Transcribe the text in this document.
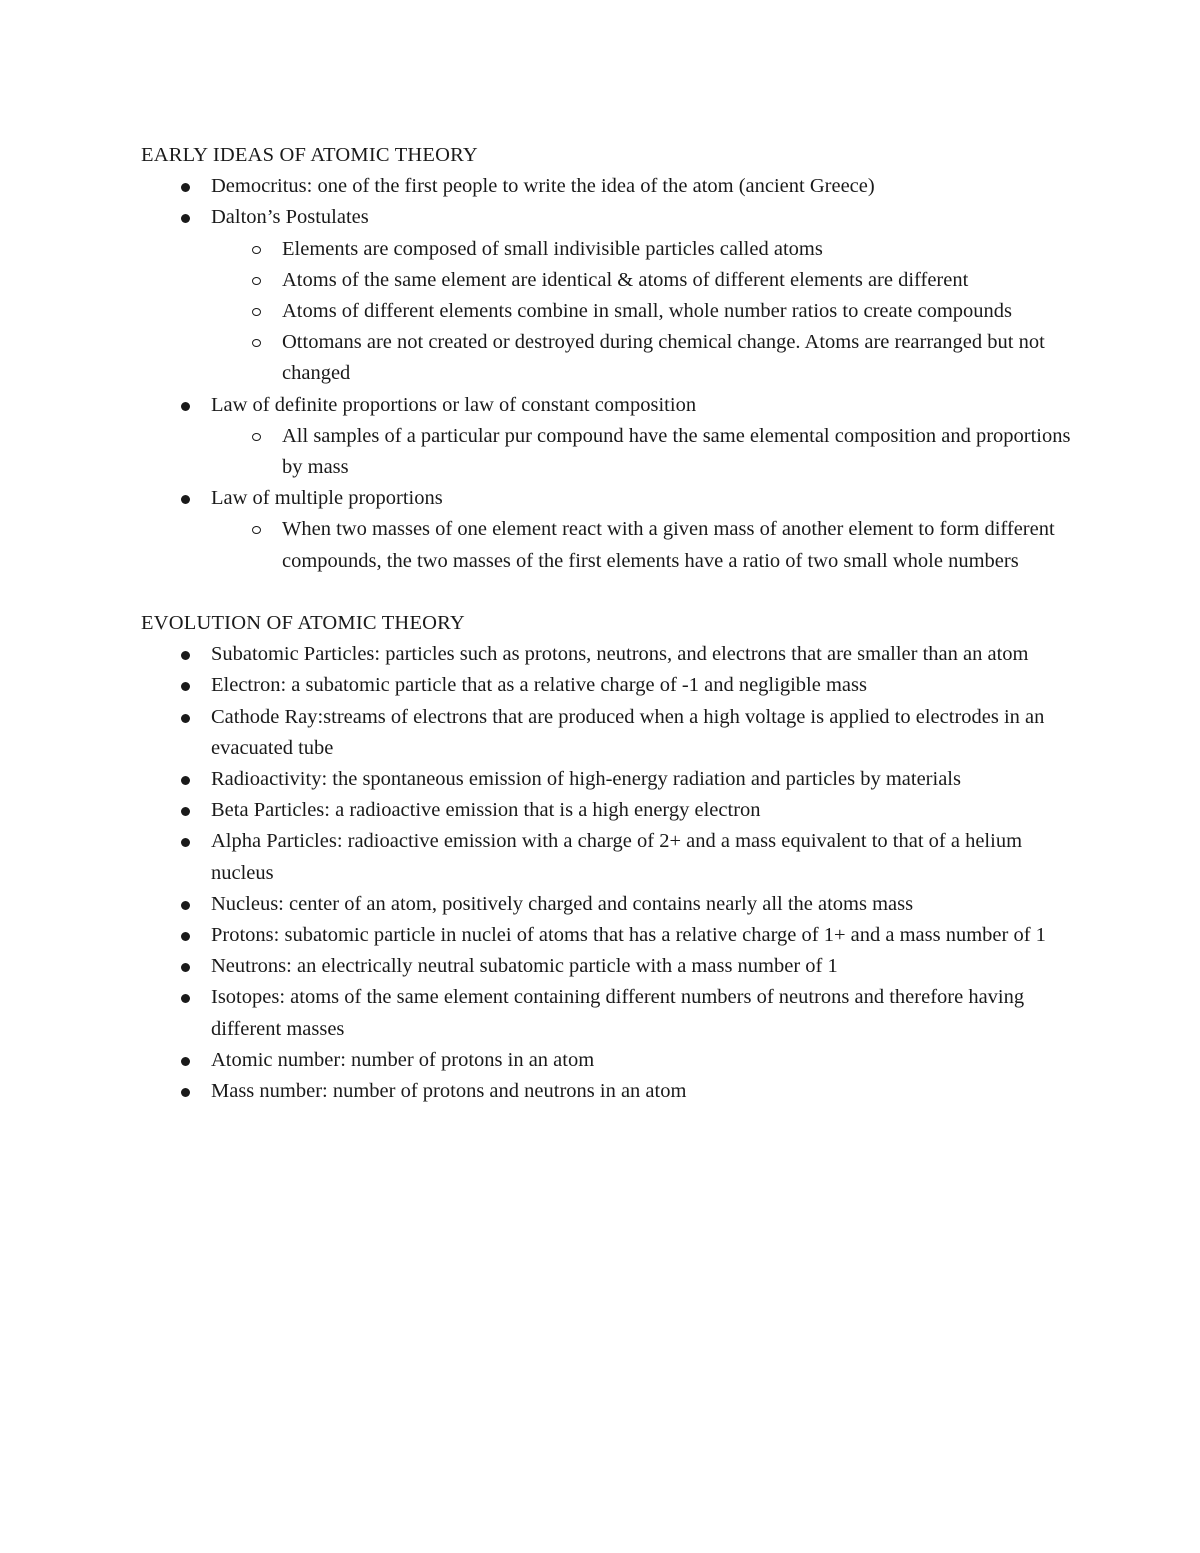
EARLY IDEAS OF ATOMIC THEORY
Democritus: one of the first people to write the idea of the atom (ancient Greece)
Dalton’s Postulates
Elements are composed of small indivisible particles called atoms
Atoms of the same element are identical & atoms of different elements are different
Atoms of different elements combine in small, whole number ratios to create compounds
Ottomans are not created or destroyed during chemical change. Atoms are rearranged but not changed
Law of definite proportions or law of constant composition
All samples of a particular pur compound have the same elemental composition and proportions by mass
Law of multiple proportions
When two masses of one element react with a given mass of another element to form different compounds, the two masses of the first elements have a ratio of two small whole numbers
EVOLUTION OF ATOMIC THEORY
Subatomic Particles: particles such as protons, neutrons, and electrons that are smaller than an atom
Electron: a subatomic particle that as a relative charge of -1 and negligible mass
Cathode Ray:streams of electrons that are produced when a high voltage is applied to electrodes in an evacuated tube
Radioactivity: the spontaneous emission of high-energy radiation and particles by materials
Beta Particles: a radioactive emission that is a high energy electron
Alpha Particles: radioactive emission with a charge of 2+ and a mass equivalent to that of a helium nucleus
Nucleus: center of an atom, positively charged and contains nearly all the atoms mass
Protons: subatomic particle in nuclei of atoms that has a relative charge of 1+ and a mass number of 1
Neutrons: an electrically neutral subatomic particle with a mass number of 1
Isotopes: atoms of the same element containing different numbers of neutrons and therefore having different masses
Atomic number: number of protons in an atom
Mass number: number of protons and neutrons in an atom
